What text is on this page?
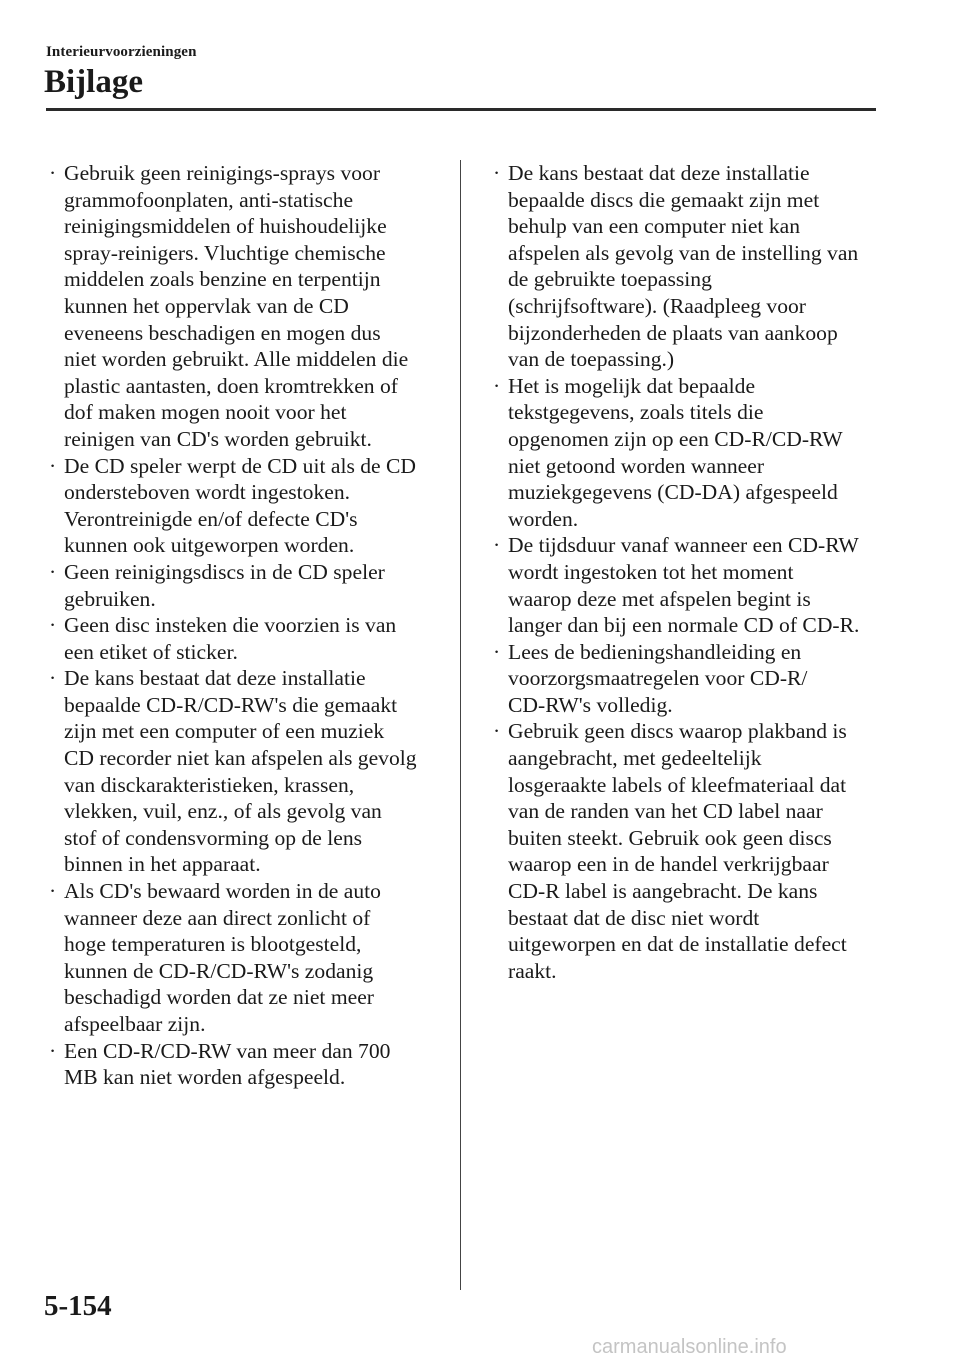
Interieurvoorzieningen
Bijlage
· Gebruik geen reinigings-sprays voor
grammofoonplaten, anti-statische
reinigingsmiddelen of huishoudelijke
spray-reinigers. Vluchtige chemische
middelen zoals benzine en terpentijn
kunnen het oppervlak van de CD
eveneens beschadigen en mogen dus
niet worden gebruikt. Alle middelen die
plastic aantasten, doen kromtrekken of
dof maken mogen nooit voor het
reinigen van CD's worden gebruikt.
· De CD speler werpt de CD uit als de CD
ondersteboven wordt ingestoken.
Verontreinigde en/of defecte CD's
kunnen ook uitgeworpen worden.
· Geen reinigingsdiscs in de CD speler
gebruiken.
· Geen disc insteken die voorzien is van
een etiket of sticker.
· De kans bestaat dat deze installatie
bepaalde CD-R/CD-RW's die gemaakt
zijn met een computer of een muziek
CD recorder niet kan afspelen als gevolg
van disckarakteristieken, krassen,
vlekken, vuil, enz., of als gevolg van
stof of condensvorming op de lens
binnen in het apparaat.
· Als CD's bewaard worden in de auto
wanneer deze aan direct zonlicht of
hoge temperaturen is blootgesteld,
kunnen de CD-R/CD-RW's zodanig
beschadigd worden dat ze niet meer
afspeelbaar zijn.
· Een CD-R/CD-RW van meer dan 700
MB kan niet worden afgespeeld.
· De kans bestaat dat deze installatie
bepaalde discs die gemaakt zijn met
behulp van een computer niet kan
afspelen als gevolg van de instelling van
de gebruikte toepassing
(schrijfsoftware). (Raadpleeg voor
bijzonderheden de plaats van aankoop
van de toepassing.)
· Het is mogelijk dat bepaalde
tekstgegevens, zoals titels die
opgenomen zijn op een CD-R/CD-RW
niet getoond worden wanneer
muziekgegevens (CD-DA) afgespeeld
worden.
· De tijdsduur vanaf wanneer een CD-RW
wordt ingestoken tot het moment
waarop deze met afspelen begint is
langer dan bij een normale CD of CD-R.
· Lees de bedieningshandleiding en
voorzorgsmaatregelen voor CD-R/
CD-RW's volledig.
· Gebruik geen discs waarop plakband is
aangebracht, met gedeeltelijk
losgeraakte labels of kleefmateriaal dat
van de randen van het CD label naar
buiten steekt. Gebruik ook geen discs
waarop een in de handel verkrijgbaar
CD-R label is aangebracht. De kans
bestaat dat de disc niet wordt
uitgeworpen en dat de installatie defect
raakt.
5-154
carmanualsonline.info
